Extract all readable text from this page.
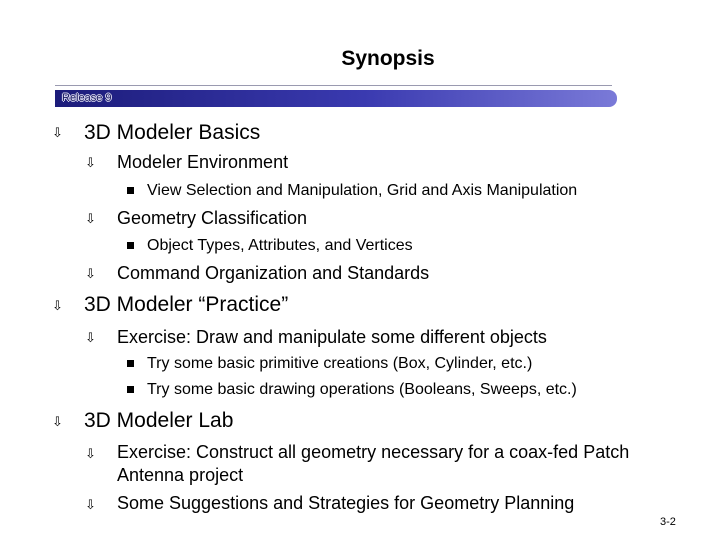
Synopsis
Release 9
⇩ 3D Modeler Basics
⇩ Modeler Environment
View Selection and Manipulation, Grid and Axis Manipulation
⇩ Geometry Classification
Object Types, Attributes, and Vertices
⇩ Command Organization and Standards
⇩ 3D Modeler “Practice”
⇩ Exercise: Draw and manipulate some different objects
Try some basic primitive creations (Box, Cylinder, etc.)
Try some basic drawing operations (Booleans, Sweeps, etc.)
⇩ 3D Modeler Lab
⇩ Exercise: Construct all geometry necessary for a coax-fed Patch Antenna project
⇩ Some Suggestions and Strategies for Geometry Planning
3-2
